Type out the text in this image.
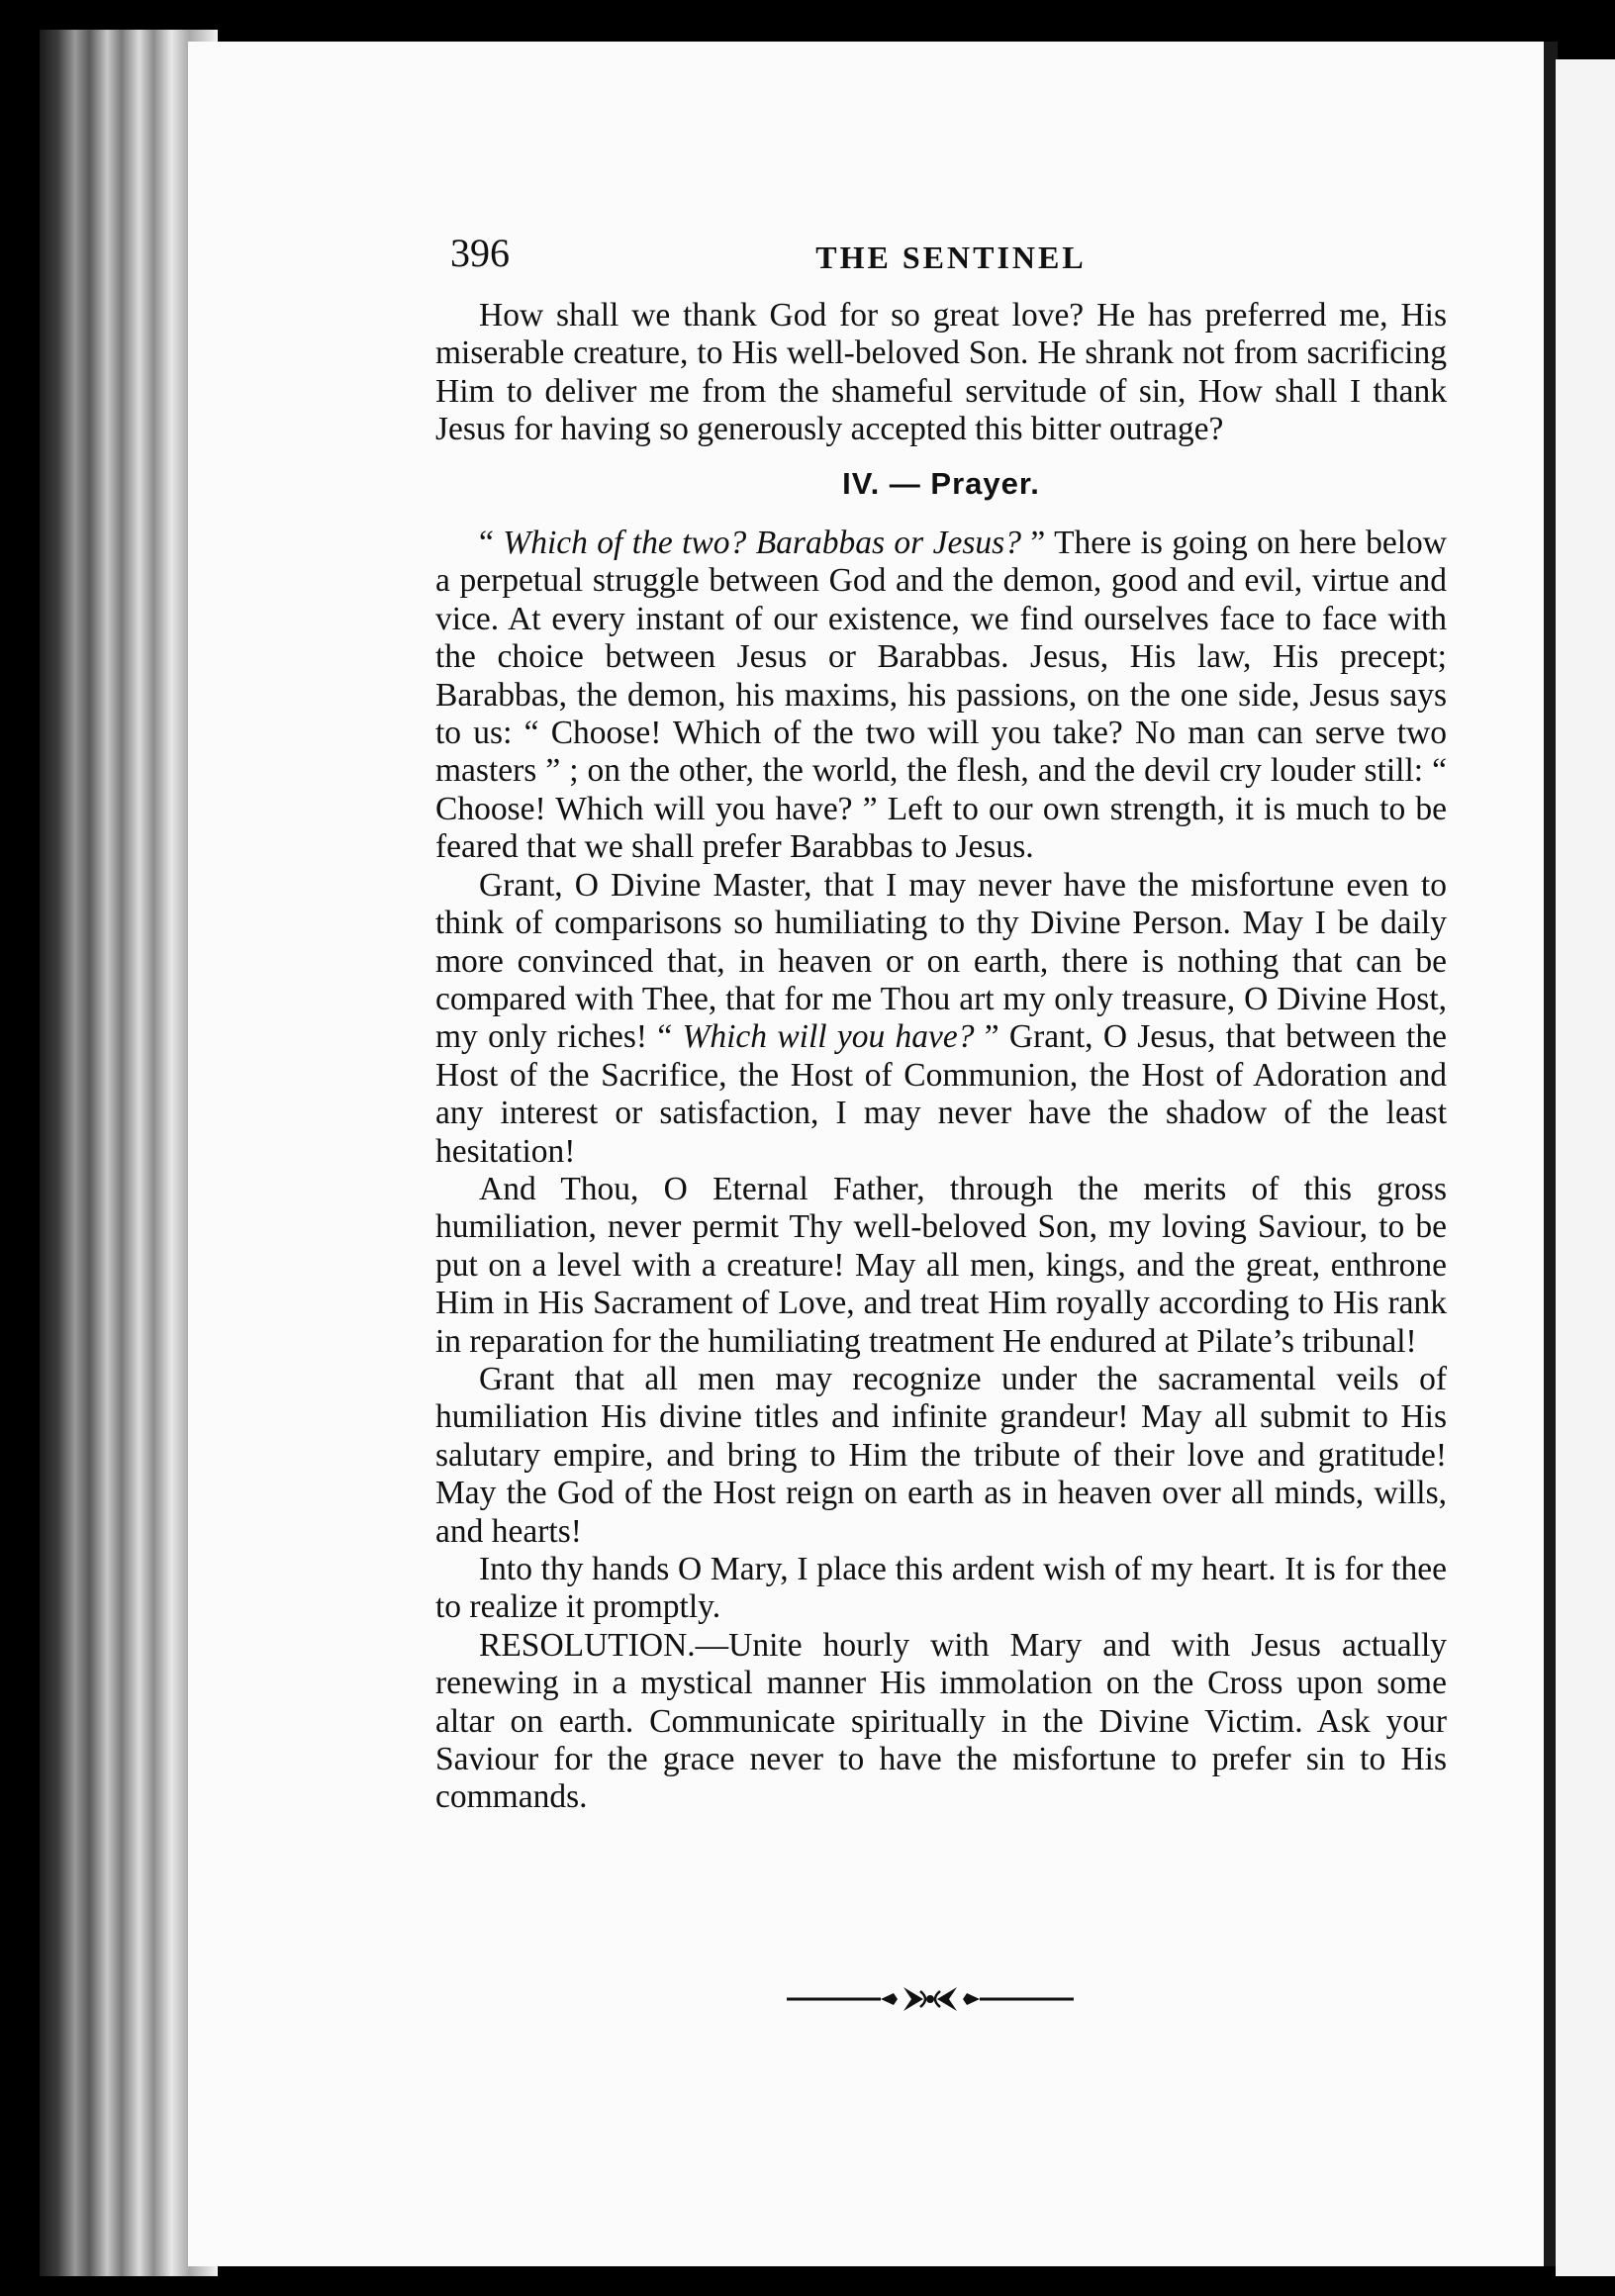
396	THE SENTINEL

How shall we thank God for so great love? He has preferred me, His miserable creature, to His well-beloved Son. He shrank not from sacrificing Him to deliver me from the shameful servitude of sin, How shall I thank Jesus for having so generously accepted this bitter outrage?

IV. — Prayer.

“ Which of the two? Barabbas or Jesus? ” There is going on here below a perpetual struggle between God and the demon, good and evil, virtue and vice. At every instant of our existence, we find ourselves face to face with the choice between Jesus or Barabbas. Jesus, His law, His precept; Barabbas, the demon, his maxims, his passions, on the one side, Jesus says to us: “ Choose! Which of the two will you take? No man can serve two masters ” ; on the other, the world, the flesh, and the devil cry louder still: “ Choose! Which will you have? ” Left to our own strength, it is much to be feared that we shall prefer Barabbas to Jesus.

Grant, O Divine Master, that I may never have the misfortune even to think of comparisons so humiliating to thy Divine Person. May I be daily more convinced that, in heaven or on earth, there is nothing that can be compared with Thee, that for me Thou art my only treasure, O Divine Host, my only riches! “ Which will you have? ” Grant, O Jesus, that between the Host of the Sacrifice, the Host of Communion, the Host of Adoration and any interest or satisfaction, I may never have the shadow of the least hesitation!

And Thou, O Eternal Father, through the merits of this gross humiliation, never permit Thy well-beloved Son, my loving Saviour, to be put on a level with a creature! May all men, kings, and the great, enthrone Him in His Sacrament of Love, and treat Him royally according to His rank in reparation for the humiliating treatment He endured at Pilate’s tribunal!

Grant that all men may recognize under the sacramental veils of humiliation His divine titles and infinite grandeur! May all submit to His salutary empire, and bring to Him the tribute of their love and gratitude! May the God of the Host reign on earth as in heaven over all minds, wills, and hearts!

Into thy hands O Mary, I place this ardent wish of my heart. It is for thee to realize it promptly.

RESOLUTION.—Unite hourly with Mary and with Jesus actually renewing in a mystical manner His immolation on the Cross upon some altar on earth. Communicate spiritually in the Divine Victim. Ask your Saviour for the grace never to have the misfortune to prefer sin to His commands.
